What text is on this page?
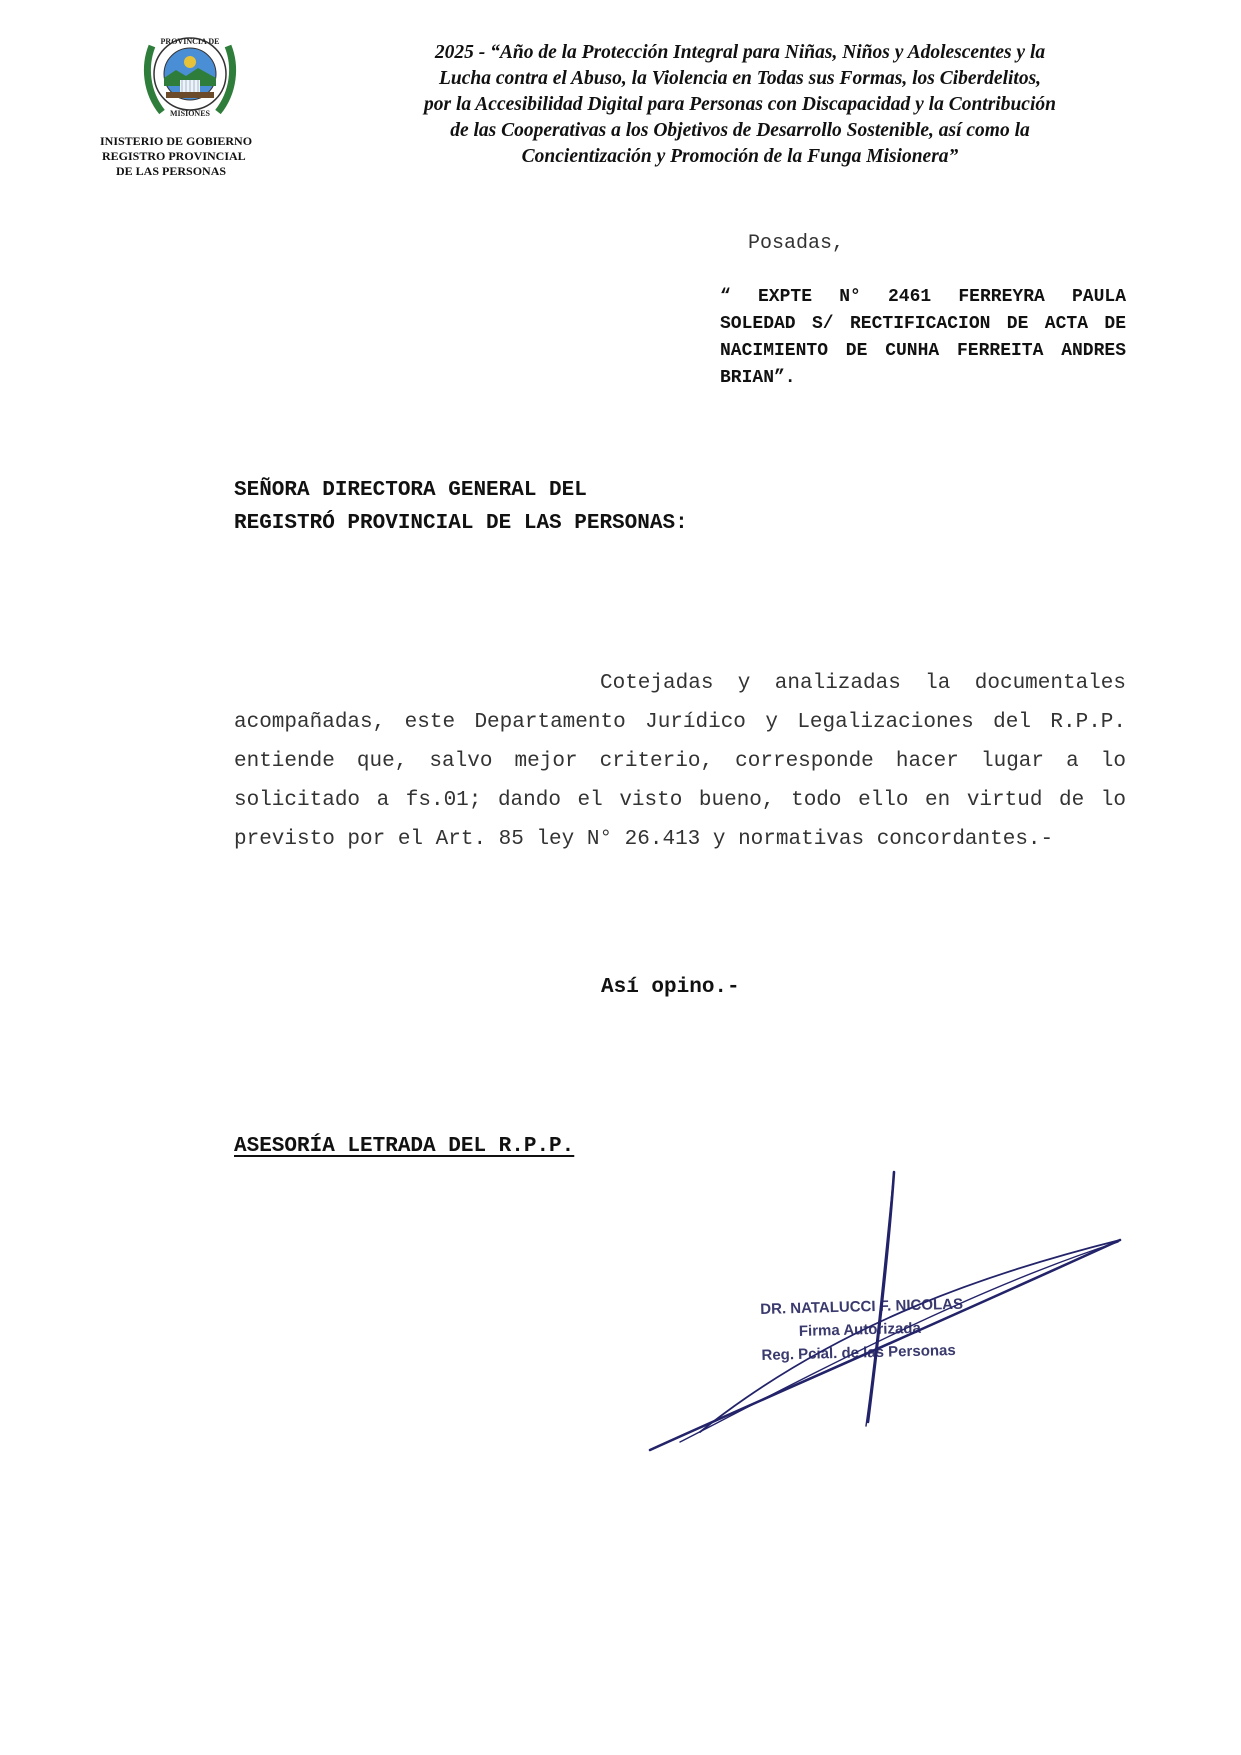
PROVINCIA DE
MISIONES
INISTERIO DE GOBIERNO
REGISTRO PROVINCIAL
DE LAS PERSONAS
2025 - “Año de la Protección Integral para Niñas, Niños y Adolescentes y la
Lucha contra el Abuso, la Violencia en Todas sus Formas, los Ciberdelitos,
por la Accesibilidad Digital para Personas con Discapacidad y la Contribución
de las Cooperativas a los Objetivos de Desarrollo Sostenible, así como la
Concientización y Promoción de la Funga Misionera”
Posadas,
“ EXPTE N° 2461 FERREYRA PAULA SOLEDAD S/ RECTIFICACION DE ACTA DE NACIMIENTO DE CUNHA FERREITA ANDRES BRIAN”.
SEÑORA DIRECTORA GENERAL DEL
REGISTRÓ PROVINCIAL DE LAS PERSONAS:
Cotejadas y analizadas la documentales acompañadas, este Departamento Jurídico y Legalizaciones del R.P.P. entiende que, salvo mejor criterio, corresponde hacer lugar a lo solicitado a fs.01; dando el visto bueno, todo ello en virtud de lo previsto por el Art. 85 ley N° 26.413 y normativas concordantes.-
Así opino.-
ASESORÍA LETRADA DEL R.P.P.
DR. NATALUCCI F. NICOLAS
Firma Autorizada
Reg. Pcial. de las Personas
